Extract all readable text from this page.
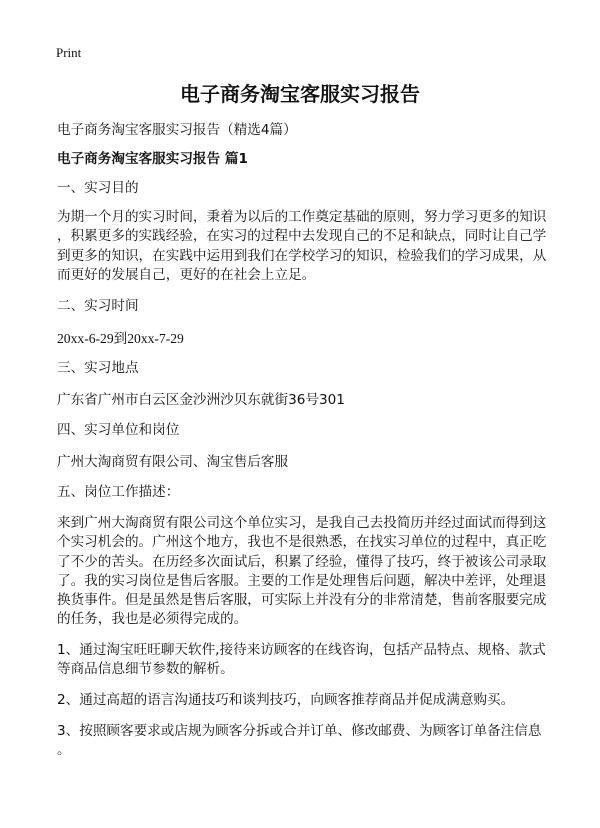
Print
电子商务淘宝客服实习报告
电子商务淘宝客服实习报告（精选4篇）
电子商务淘宝客服实习报告 篇1
一、实习目的
为期一个月的实习时间，秉着为以后的工作奠定基础的原则，努力学习更多的知识
，积累更多的实践经验，在实习的过程中去发现自己的不足和缺点，同时让自己学
到更多的知识，在实践中运用到我们在学校学习的知识，检验我们的学习成果，从
而更好的发展自己，更好的在社会上立足。
二、实习时间
20xx-6-29到20xx-7-29
三、实习地点
广东省广州市白云区金沙洲沙贝东就街36号301
四、实习单位和岗位
广州大淘商贸有限公司、淘宝售后客服
五、岗位工作描述：
来到广州大淘商贸有限公司这个单位实习，是我自己去投简历并经过面试而得到这
个实习机会的。广州这个地方，我也不是很熟悉，在找实习单位的过程中，真正吃
了不少的苦头。在历经多次面试后，积累了经验，懂得了技巧，终于被该公司录取
了。我的实习岗位是售后客服。主要的工作是处理售后问题，解决中差评，处理退
换货事件。但是虽然是售后客服，可实际上并没有分的非常清楚，售前客服要完成
的任务，我也是必须得完成的。
1、通过淘宝旺旺聊天软件,接待来访顾客的在线咨询，包括产品特点、规格、款式
等商品信息细节参数的解析。
2、通过高超的语言沟通技巧和谈判技巧，向顾客推荐商品并促成满意购买。
3、按照顾客要求或店规为顾客分拆或合并订单、修改邮费、为顾客订单备注信息
。
